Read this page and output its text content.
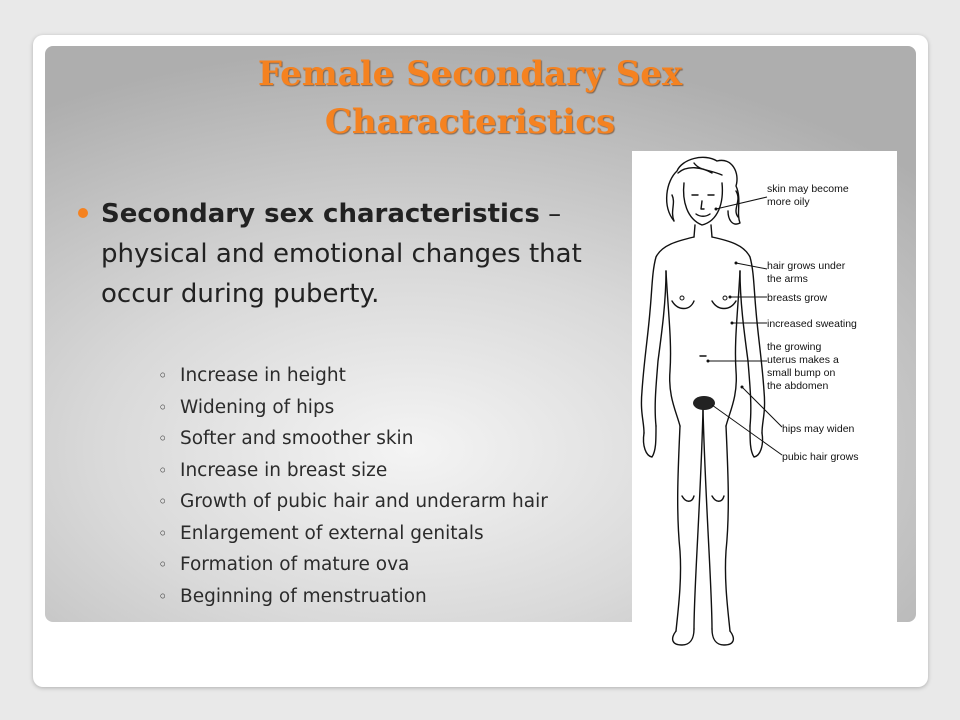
Female Secondary Sex
Characteristics
Secondary sex characteristics – physical and emotional changes that occur during puberty.
◦ Increase in height
◦ Widening of hips
◦ Softer and smoother skin
◦ Increase in breast size
◦ Growth of pubic hair and underarm hair
◦ Enlargement of external genitals
◦ Formation of mature ova
◦ Beginning of menstruation
skin may become
more oily
hair grows under
the arms
breasts grow
increased sweating
the growing
uterus makes a
small bump on
the abdomen
hips may widen
pubic hair grows
